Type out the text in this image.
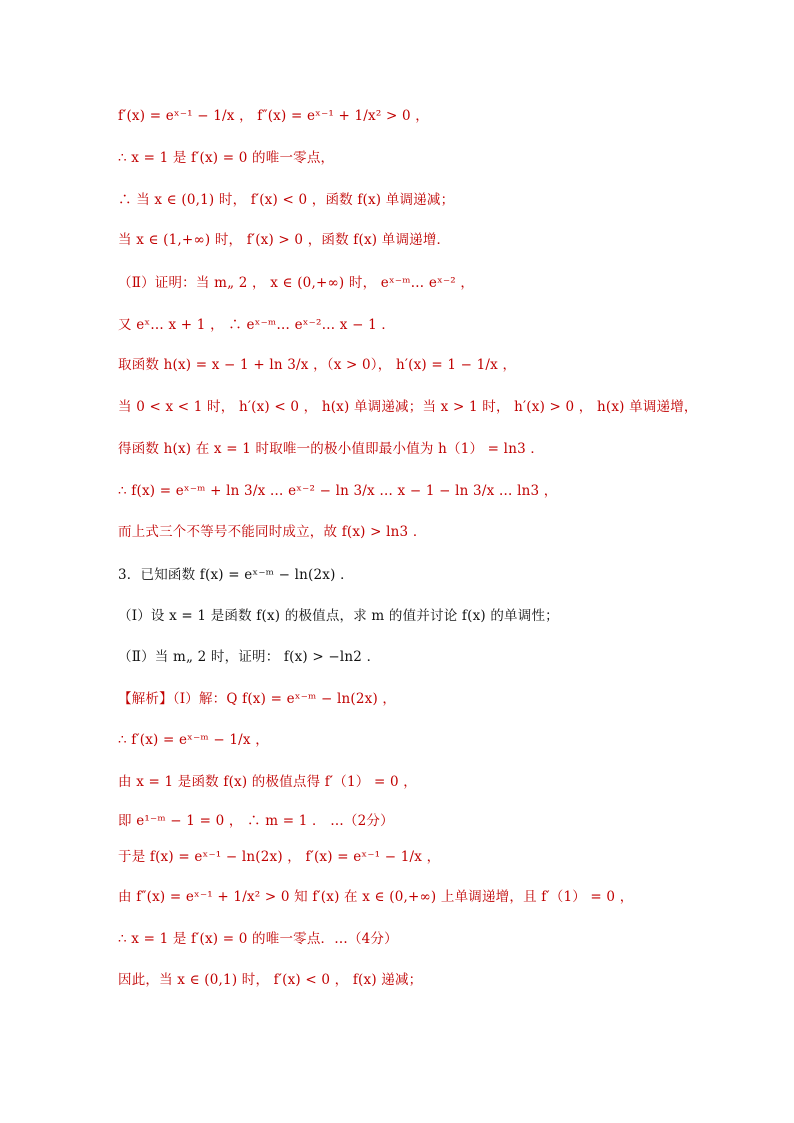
f′(x) = eˣ⁻¹ − 1/x ， f″(x) = eˣ⁻¹ + 1/x² > 0 ，
∴ x = 1 是 f′(x) = 0 的唯一零点，
∴ 当 x ∈ (0,1) 时， f′(x) < 0 ，函数 f(x) 单调递减；
当 x ∈ (1,+∞) 时， f′(x) > 0 ，函数 f(x) 单调递增．
（Ⅱ）证明：当 m„ 2 ， x ∈ (0,+∞) 时， eˣ⁻ᵐ… eˣ⁻² ，
又 eˣ… x + 1 ， ∴ eˣ⁻ᵐ… eˣ⁻²… x − 1 ．
取函数 h(x) = x − 1 + ln 3/x ，（x > 0）， h′(x) = 1 − 1/x ，
当 0 < x < 1 时， h′(x) < 0 ， h(x) 单调递减；当 x > 1 时， h′(x) > 0 ， h(x) 单调递增，
得函数 h(x) 在 x = 1 时取唯一的极小值即最小值为 h（1） = ln3 ．
∴ f(x) = eˣ⁻ᵐ + ln 3/x … eˣ⁻² − ln 3/x … x − 1 − ln 3/x … ln3 ，
而上式三个不等号不能同时成立，故 f(x) > ln3 ．
3．已知函数 f(x) = eˣ⁻ᵐ − ln(2x) ．
（Ⅰ）设 x = 1 是函数 f(x) 的极值点，求 m 的值并讨论 f(x) 的单调性；
（Ⅱ）当 m„ 2 时，证明： f(x) > −ln2 ．
【解析】（Ⅰ）解：Q f(x) = eˣ⁻ᵐ − ln(2x) ，
∴ f′(x) = eˣ⁻ᵐ − 1/x ，
由 x = 1 是函数 f(x) 的极值点得 f′（1） = 0 ，
即 e¹⁻ᵐ − 1 = 0 ， ∴ m = 1 ． …（2分）
于是 f(x) = eˣ⁻¹ − ln(2x) ， f′(x) = eˣ⁻¹ − 1/x ，
由 f″(x) = eˣ⁻¹ + 1/x² > 0 知 f′(x) 在 x ∈ (0,+∞) 上单调递增，且 f′（1） = 0 ，
∴ x = 1 是 f′(x) = 0 的唯一零点．…（4分）
因此，当 x ∈ (0,1) 时， f′(x) < 0 ， f(x) 递减；
